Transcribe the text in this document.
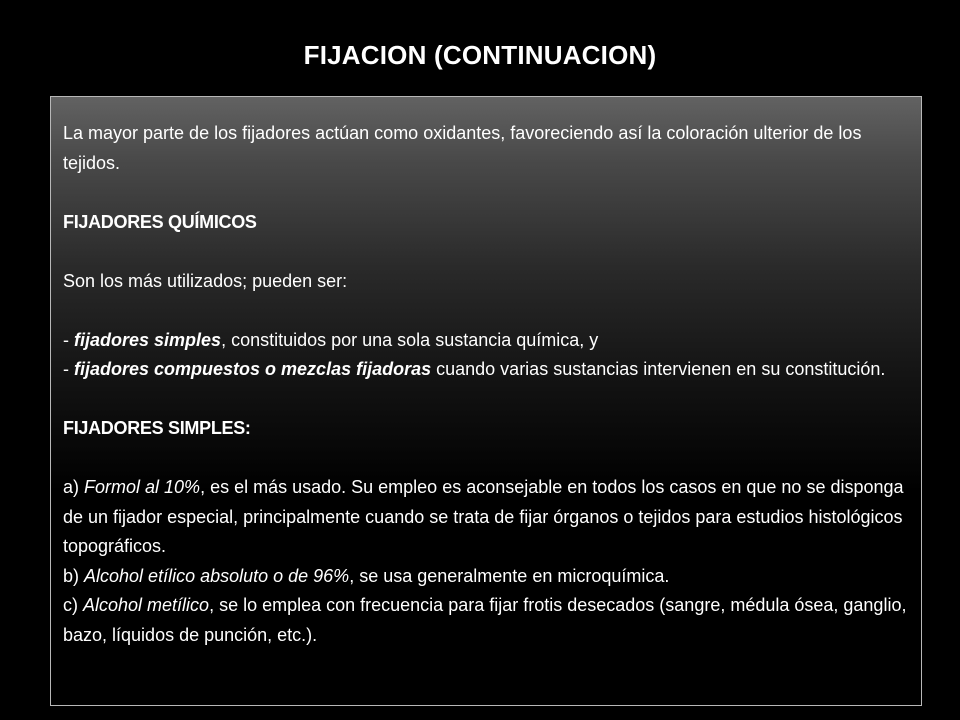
FIJACION (CONTINUACION)

La mayor parte de los fijadores actúan como oxidantes, favoreciendo así la coloración ulterior de los tejidos.

FIJADORES QUÍMICOS

Son los más utilizados; pueden ser:

- fijadores simples, constituidos por una sola sustancia química, y

- fijadores compuestos o mezclas fijadoras cuando varias sustancias intervienen en su constitución.

FIJADORES SIMPLES:

a) Formol al 10%, es el más usado. Su empleo es aconsejable en todos los casos en que no se disponga de un fijador especial, principalmente cuando se trata de fijar órganos o tejidos para estudios histológicos topográficos.

b) Alcohol etílico absoluto o de 96%, se usa generalmente en microquímica.

c) Alcohol metílico, se lo emplea con frecuencia para fijar frotis desecados (sangre, médula ósea, ganglio, bazo, líquidos de punción, etc.).
